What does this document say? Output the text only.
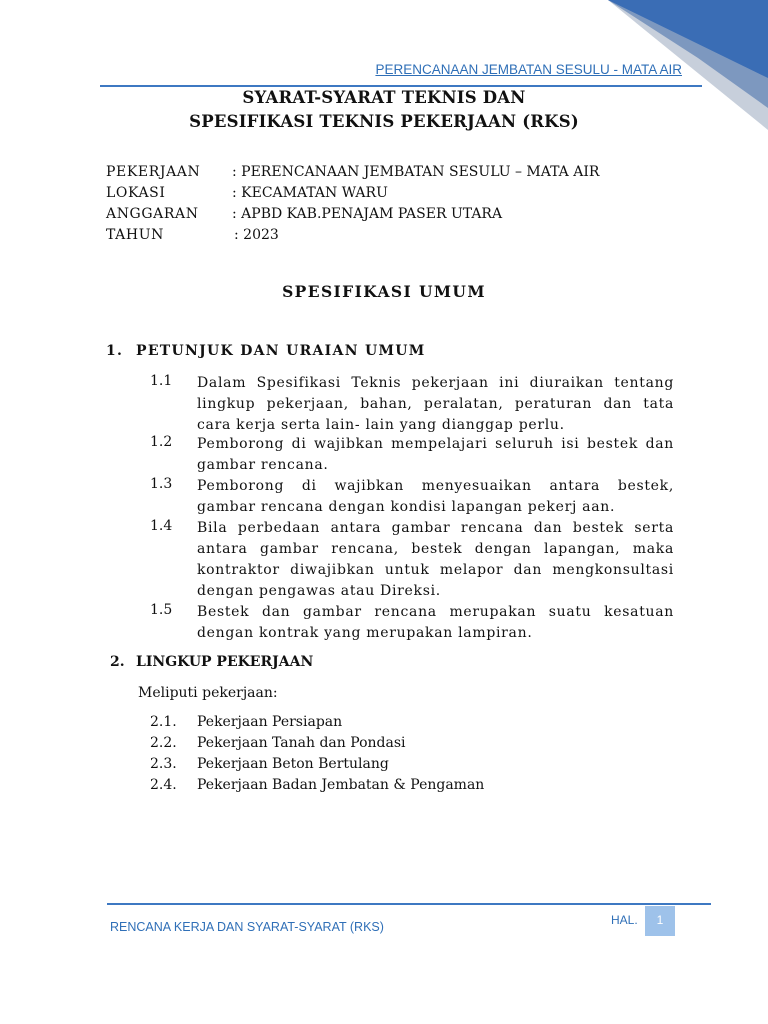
PERENCANAAN JEMBATAN SESULU - MATA AIR
SYARAT-SYARAT TEKNIS DAN
SPESIFIKASI TEKNIS PEKERJAAN (RKS)
PEKERJAAN : PERENCANAAN JEMBATAN SESULU – MATA AIR
LOKASI	: KECAMATAN WARU
ANGGARAN : APBD KAB.PENAJAM PASER UTARA
TAHUN	: 2023
SPESIFIKASI UMUM
1. PETUNJUK DAN URAIAN UMUM
1.1 Dalam Spesifikasi Teknis pekerjaan ini diuraikan tentang lingkup pekerjaan, bahan, peralatan, peraturan dan tata cara kerja serta lain- lain yang dianggap perlu.
1.2 Pemborong di wajibkan mempelajari seluruh isi bestek dan gambar rencana.
1.3 Pemborong di wajibkan menyesuaikan antara bestek, gambar rencana dengan kondisi lapangan pekerj aan.
1.4 Bila perbedaan antara gambar rencana dan bestek serta antara gambar rencana, bestek dengan lapangan, maka kontraktor diwajibkan untuk melapor dan mengkonsultasi dengan pengawas atau Direksi.
1.5 Bestek dan gambar rencana merupakan suatu kesatuan dengan kontrak yang merupakan lampiran.
2. LINGKUP PEKERJAAN
Meliputi pekerjaan:
2.1. Pekerjaan Persiapan
2.2. Pekerjaan Tanah dan Pondasi
2.3. Pekerjaan Beton Bertulang
2.4. Pekerjaan Badan Jembatan & Pengaman
RENCANA KERJA DAN SYARAT-SYARAT (RKS)	HAL.	1
